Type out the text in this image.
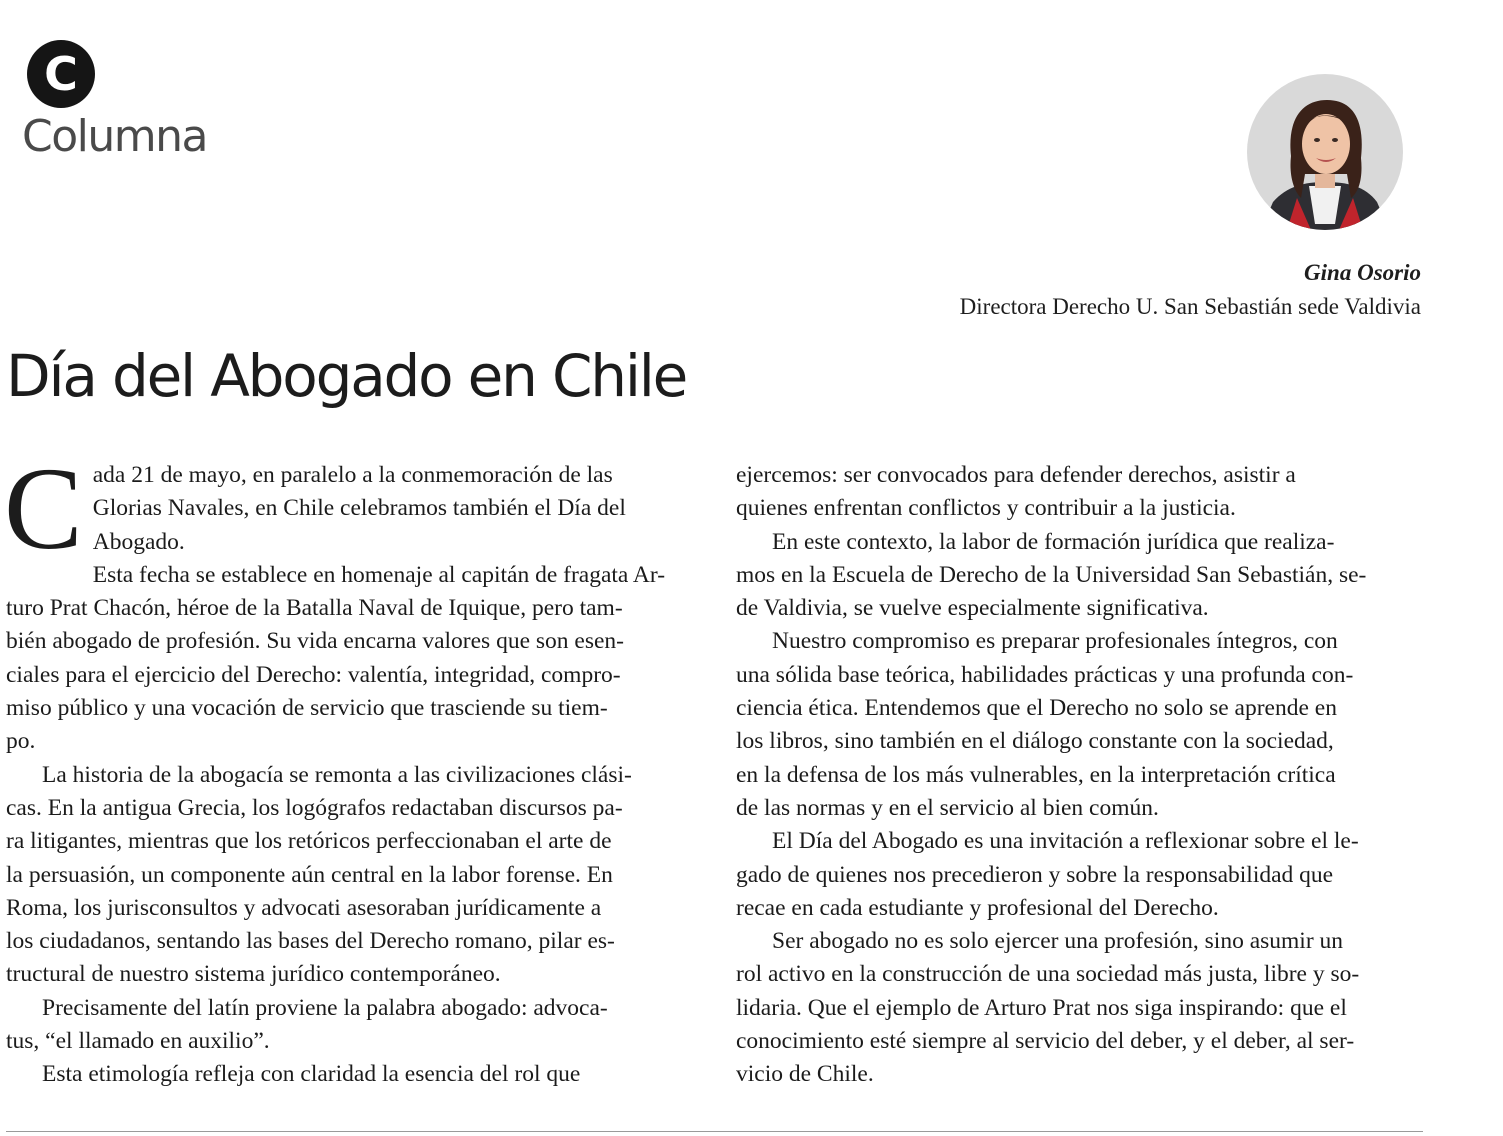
C
Columna
Gina Osorio
Directora Derecho U. San Sebastián sede Valdivia
Día del Abogado en Chile
C ada 21 de mayo, en paralelo a la conmemoración de las
Glorias Navales, en Chile celebramos también el Día del
Abogado.

Esta fecha se establece en homenaje al capitán de fragata Ar-
turo Prat Chacón, héroe de la Batalla Naval de Iquique, pero tam-
bién abogado de profesión. Su vida encarna valores que son esen-
ciales para el ejercicio del Derecho: valentía, integridad, compro-
miso público y una vocación de servicio que trasciende su tiem-
po.

La historia de la abogacía se remonta a las civilizaciones clási-
cas. En la antigua Grecia, los logógrafos redactaban discursos pa-
ra litigantes, mientras que los retóricos perfeccionaban el arte de
la persuasión, un componente aún central en la labor forense. En
Roma, los jurisconsultos y advocati asesoraban jurídicamente a
los ciudadanos, sentando las bases del Derecho romano, pilar es-
tructural de nuestro sistema jurídico contemporáneo.

Precisamente del latín proviene la palabra abogado: advoca-
tus, “el llamado en auxilio”.

Esta etimología refleja con claridad la esencia del rol que

ejercemos: ser convocados para defender derechos, asistir a
quienes enfrentan conflictos y contribuir a la justicia.

En este contexto, la labor de formación jurídica que realiza-
mos en la Escuela de Derecho de la Universidad San Sebastián, se-
de Valdivia, se vuelve especialmente significativa.

Nuestro compromiso es preparar profesionales íntegros, con
una sólida base teórica, habilidades prácticas y una profunda con-
ciencia ética. Entendemos que el Derecho no solo se aprende en
los libros, sino también en el diálogo constante con la sociedad,
en la defensa de los más vulnerables, en la interpretación crítica
de las normas y en el servicio al bien común.

El Día del Abogado es una invitación a reflexionar sobre el le-
gado de quienes nos precedieron y sobre la responsabilidad que
recae en cada estudiante y profesional del Derecho.

Ser abogado no es solo ejercer una profesión, sino asumir un
rol activo en la construcción de una sociedad más justa, libre y so-
lidaria. Que el ejemplo de Arturo Prat nos siga inspirando: que el
conocimiento esté siempre al servicio del deber, y el deber, al ser-
vicio de Chile.
